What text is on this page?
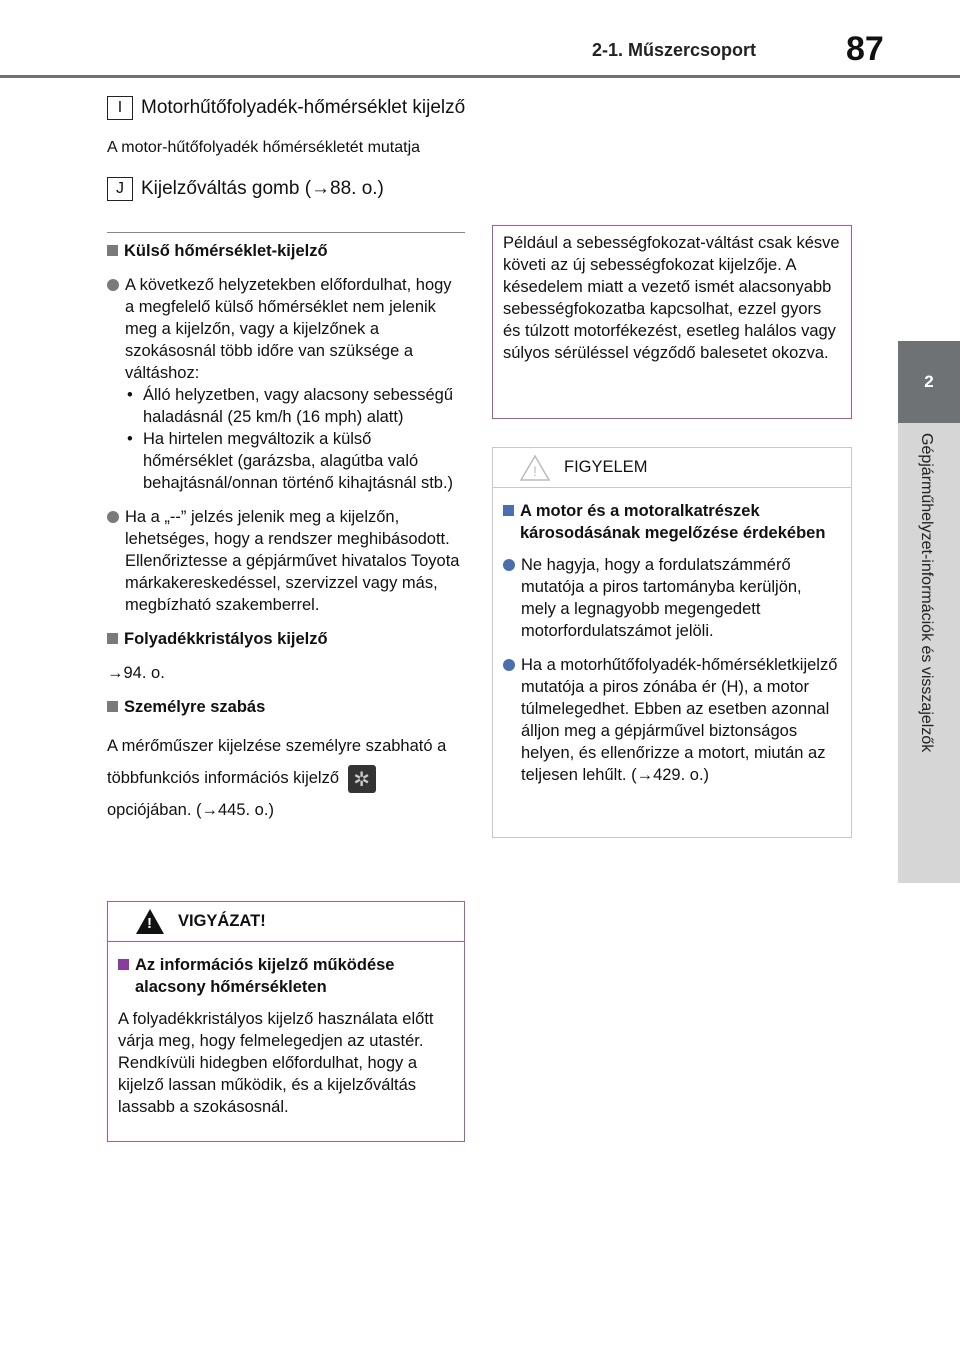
2-1. Műszercsoport	87
2
Gépjárműhelyzet-információk és visszajelzők
I Motorhűtőfolyadék-hőmérséklet kijelző
A motor-hűtőfolyadék hőmérsékletét mutatja
J Kijelzőváltás gomb (→88. o.)
Külső hőmérséklet-kijelző
A következő helyzetekben előfordulhat, hogy a megfelelő külső hőmérséklet nem jelenik meg a kijelzőn, vagy a kijelzőnek a szokásosnál több időre van szüksége a váltáshoz:
• Álló helyzetben, vagy alacsony sebességű haladásnál (25 km/h (16 mph) alatt)
• Ha hirtelen megváltozik a külső hőmérséklet (garázsba, alagútba való behajtásnál/onnan történő kihajtásnál stb.)
Ha a „--” jelzés jelenik meg a kijelzőn, lehetséges, hogy a rendszer meghibásodott. Ellenőriztesse a gépjárművet hivatalos Toyota márkakereskedéssel, szervizzel vagy más, megbízható szakemberrel.
Folyadékkristályos kijelző
→94. o.
Személyre szabás
A mérőműszer kijelzése személyre szabható a többfunkciós információs kijelző ✲ opciójában. (→445. o.)
!
VIGYÁZAT!
Az információs kijelző működése alacsony hőmérsékleten
A folyadékkristályos kijelző használata előtt várja meg, hogy felmelegedjen az utastér. Rendkívüli hidegben előfordulhat, hogy a kijelző lassan működik, és a kijelzőváltás lassabb a szokásosnál.
Például a sebességfokozat-váltást csak késve követi az új sebességfokozat kijelzője. A késedelem miatt a vezető ismét alacsonyabb sebességfokozatba kapcsolhat, ezzel gyors és túlzott motorfékezést, esetleg halálos vagy súlyos sérüléssel végződő balesetet okozva.
! FIGYELEM
A motor és a motoralkatrészek károsodásának megelőzése érdekében
Ne hagyja, hogy a fordulatszámmérő mutatója a piros tartományba kerüljön, mely a legnagyobb megengedett motorfordulatszámot jelöli.
Ha a motorhűtőfolyadék-hőmérsékletkijelző mutatója a piros zónába ér (H), a motor túlmelegedhet. Ebben az esetben azonnal álljon meg a gépjárművel biztonságos helyen, és ellenőrizze a motort, miután az teljesen lehűlt. (→429. o.)
